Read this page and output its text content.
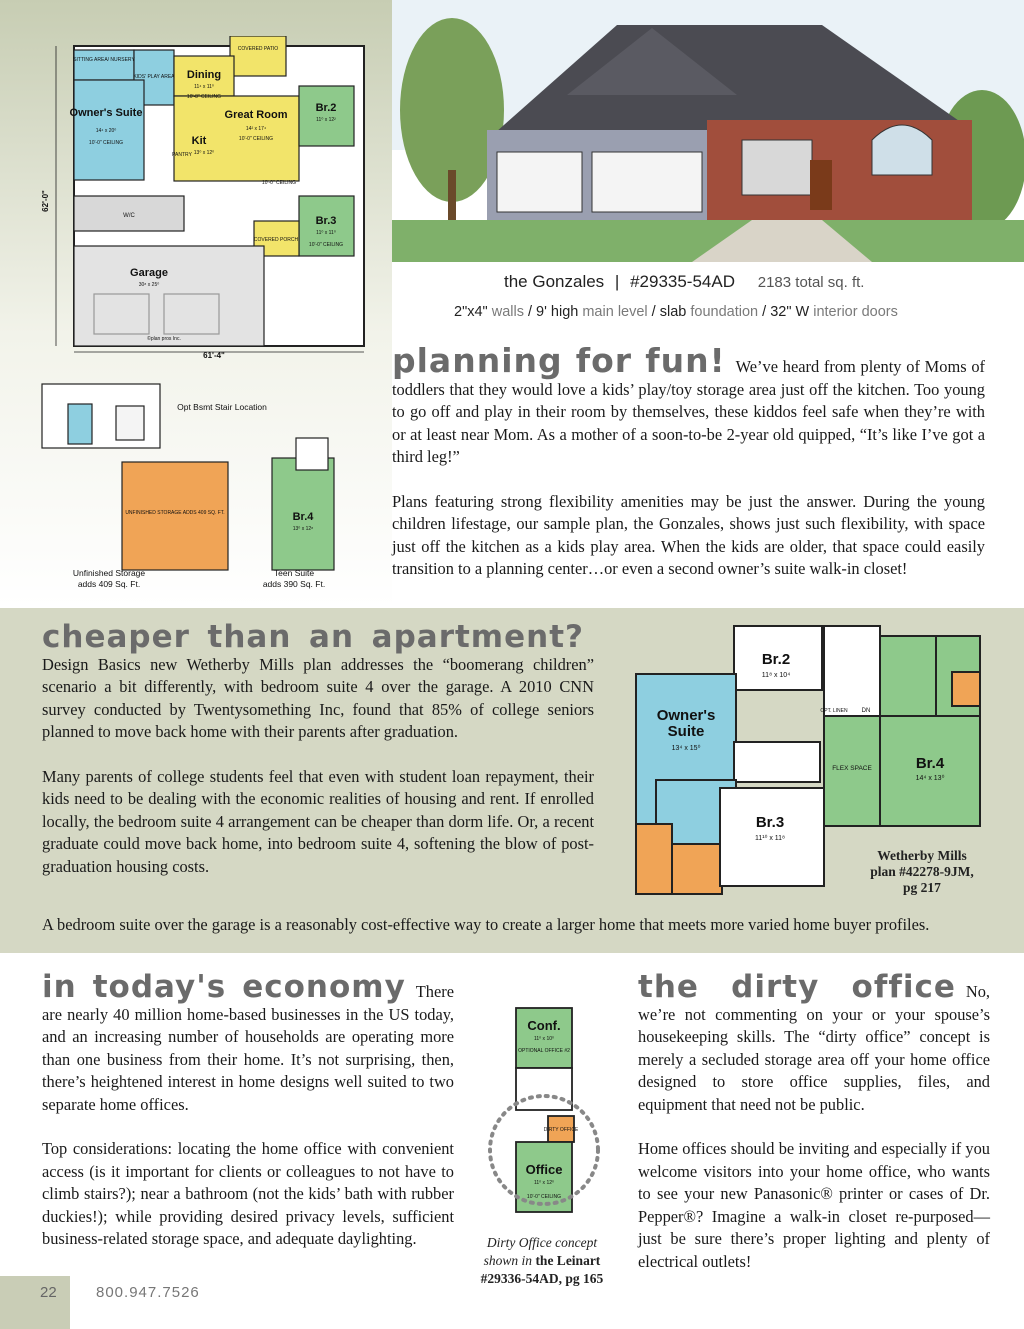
SITTING AREA/ NURSERY
KIDS' PLAY AREA
COVERED PATIO
Dining
11⁴ x 11⁰
10'-8" CEILING
Owner's Suite
14⁴ x 20⁰
10'-0" CEILING
Great Room
14² x 17⁴
10'-0" CEILING
Kit
13⁰ x 12⁰
PANTRY
Br.2
11⁰ x 12²
Br.3
11⁰ x 11⁰
10'-0" CEILING
W/C
10'-0" CEILING
COVERED PORCH
Garage
30⁸ x 25⁰
©plan pros Inc.
61'-4"
62'-0"
Opt Bsmt Stair Location
UNFINISHED STORAGE ADDS 409 SQ. FT.	Br.4
13⁰ x 12⁸
Unfinished Storage
adds 409 Sq. Ft.
Teen Suite
adds 390 Sq. Ft.
the Gonzales | #29335-54AD 2183 total sq. ft.
2"x4" walls / 9' high main level / slab foundation / 32" W interior doors
planning for fun! We’ve heard from plenty of Moms of toddlers that they would love a kids’ play/toy storage area just off the kitchen. Too young to go off and play in their room by themselves, these kiddos feel safe when they’re with or at least near Mom. As a mother of a soon-to-be 2-year old quipped, “It’s like I’ve got a third leg!”
Plans featuring strong flexibility amenities may be just the answer. During the young children lifestage, our sample plan, the Gonzales, shows just such flexibility, with space just off the kitchen as a kids play area. When the kids are older, that space could easily transition to a planning center…or even a second owner’s suite walk-in closet!
cheaper than an apartment?Design Basics new Wetherby Mills plan addresses the “boomerang children” scenario a bit differently, with bedroom suite 4 over the garage. A 2010 CNN survey conducted by Twentysomething Inc, found that 85% of college seniors planned to move back home with their parents after graduation.
Many parents of college students feel that even with student loan repayment, their kids need to be dealing with the economic realities of housing and rent. If enrolled locally, the bedroom suite 4 arrangement can be cheaper than dorm life. Or, a recent graduate could move back home, into bedroom suite 4, softening the blow of post-graduation housing costs.
A bedroom suite over the garage is a reasonably cost-effective way to create a larger home that meets more varied home buyer profiles.
Br.2
11⁸ x 10⁴
Owner's
Suite
13⁴ x 15⁰
Br.3
11¹⁰ x 11⁸
Br.4
14⁴ x 13⁰
FLEX SPACE
OPT. LINEN DN
Wetherby Mills
plan #42278-9JM,
pg 217
in today's economy There are nearly 40 million home-based businesses in the US today, and an increasing number of households are operating more than one business from their home. It’s not surprising, then, there’s heightened interest in home designs well suited to two separate home offices.
Top considerations: locating the home office with convenient access (is it important for clients or colleagues to not have to climb stairs?); near a bathroom (not the kids’ bath with rubber duckies!); while providing desired privacy levels, sufficient business-related storage space, and adequate daylighting.
Conf.
11⁰ x 10⁰
OPTIONAL OFFICE #2
DIRTY OFFICE
Office
11⁰ x 12⁰
10'-0" CEILING
Dirty Office concept
shown in the Leinart
#29336-54AD, pg 165
the dirty office No, we’re not commenting on your or your spouse’s housekeeping skills. The “dirty office” concept is merely a secluded storage area off your home office designed to store office supplies, files, and equipment that need not be public.
Home offices should be inviting and especially if you welcome visitors into your home office, who wants to see your new Panasonic® printer or cases of Dr. Pepper®? Imagine a walk-in closet re-purposed—just be sure there’s proper lighting and plenty of electrical outlets!
22	800.947.7526
